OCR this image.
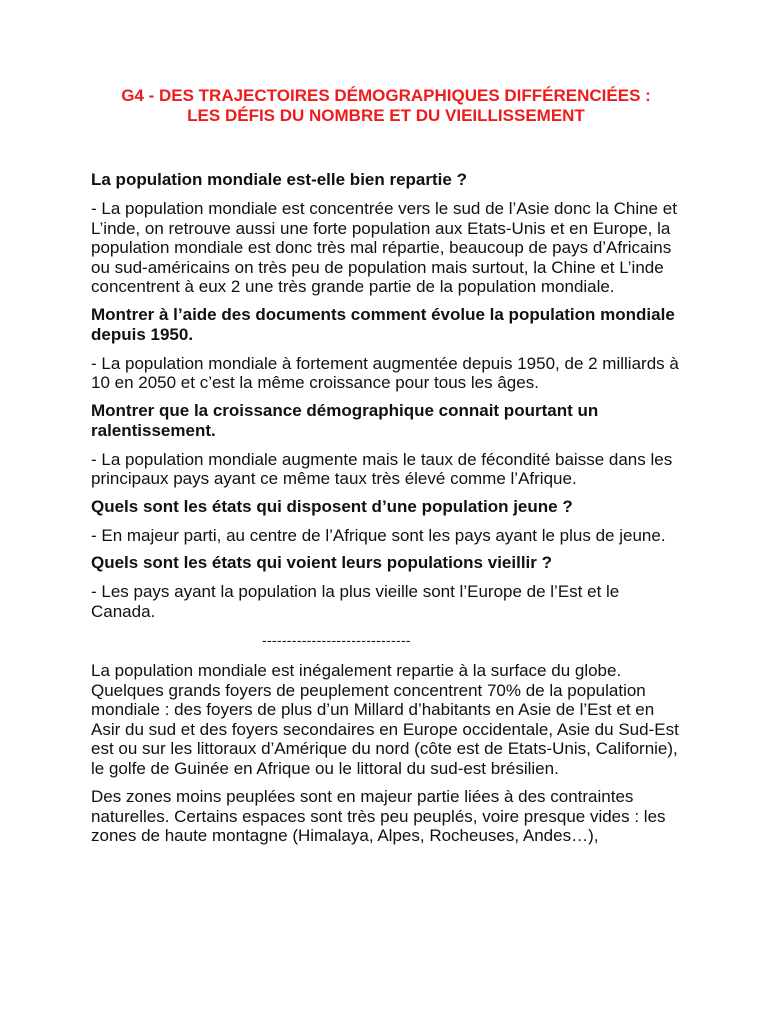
G4 - DES TRAJECTOIRES DÉMOGRAPHIQUES DIFFÉRENCIÉES :
LES DÉFIS DU NOMBRE ET DU VIEILLISSEMENT

La population mondiale est-elle bien repartie ?

- La population mondiale est concentrée vers le sud de l’Asie donc la Chine et L’inde, on retrouve aussi une forte population aux Etats-Unis et en Europe, la population mondiale est donc très mal répartie, beaucoup de pays d’Africains ou sud-américains on très peu de population mais surtout, la Chine et L’inde concentrent à eux 2 une très grande partie de la population mondiale.

Montrer à l’aide des documents comment évolue la population mondiale depuis 1950.

- La population mondiale à fortement augmentée depuis 1950, de 2 milliards à 10 en 2050 et c’est la même croissance pour tous les âges.

Montrer que la croissance démographique connait pourtant un ralentissement.

- La population mondiale augmente mais le taux de fécondité baisse dans les principaux pays ayant ce même taux très élevé comme l’Afrique.

Quels sont les états qui disposent d’une population jeune ?

- En majeur parti, au centre de l’Afrique sont les pays ayant le plus de jeune.

Quels sont les états qui voient leurs populations vieillir ?

- Les pays ayant la population la plus vieille sont l’Europe de l’Est et le Canada.

------------------------------

La population mondiale est inégalement repartie à la surface du globe. Quelques grands foyers de peuplement concentrent 70% de la population mondiale : des foyers de plus d’un Millard d’habitants en Asie de l’Est et en Asir du sud et des foyers secondaires en Europe occidentale, Asie du Sud-Est est ou sur les littoraux d’Amérique du nord (côte est de Etats-Unis, Californie), le golfe de Guinée en Afrique ou le littoral du sud-est brésilien.

Des zones moins peuplées sont en majeur partie liées à des contraintes naturelles. Certains espaces sont très peu peuplés, voire presque vides : les zones de haute montagne (Himalaya, Alpes, Rocheuses, Andes…),
